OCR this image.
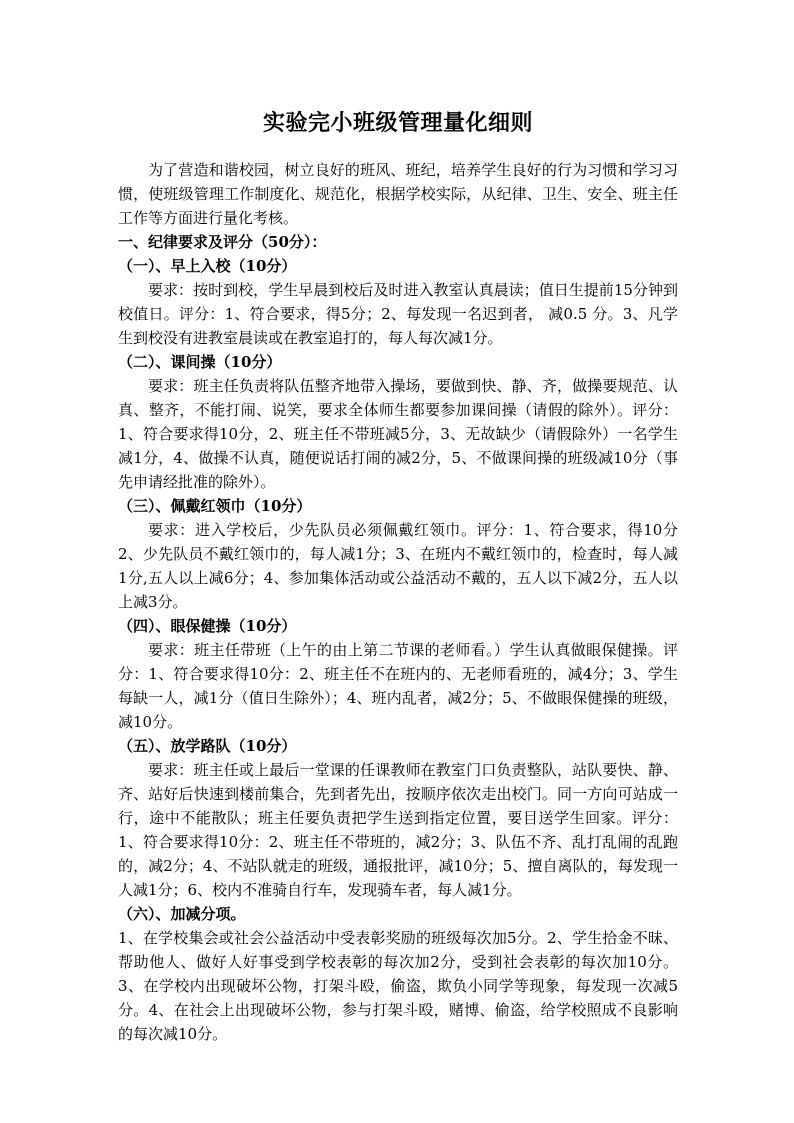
实验完小班级管理量化细则

为了营造和谐校园，树立良好的班风、班纪，培养学生良好的行为习惯和学习习惯，使班级管理工作制度化、规范化，根据学校实际，从纪律、卫生、安全、班主任工作等方面进行量化考核。

一、纪律要求及评分（50分）：

（一）、早上入校（10分）

要求：按时到校，学生早晨到校后及时进入教室认真晨读；值日生提前15分钟到校值日。评分：1、符合要求，得5分；2、每发现一名迟到者， 减0.5 分。3、凡学生到校没有进教室晨读或在教室追打的，每人每次减1分。

（二）、课间操（10分）

要求：班主任负责将队伍整齐地带入操场，要做到快、静、齐，做操要规范、认真、整齐，不能打闹、说笑，要求全体师生都要参加课间操（请假的除外）。评分：1、符合要求得10分，2、班主任不带班减5分，3、无故缺少（请假除外）一名学生减1分，4、做操不认真，随便说话打闹的减2分，5、不做课间操的班级减10分（事先申请经批准的除外）。

（三）、佩戴红领巾（10分）

要求：进入学校后，少先队员必须佩戴红领巾。评分：1、符合要求，得10分2、少先队员不戴红领巾的，每人减1分；3、在班内不戴红领巾的，检查时，每人减1分,五人以上减6分；4、参加集体活动或公益活动不戴的，五人以下减2分，五人以上减3分。

（四）、眼保健操（10分）

要求：班主任带班（上午的由上第二节课的老师看。）学生认真做眼保健操。评分：1、符合要求得10分：2、班主任不在班内的、无老师看班的，减4分；3、学生每缺一人，减1分（值日生除外）；4、班内乱者，减2分；5、不做眼保健操的班级，减10分。

（五）、放学路队（10分）

要求：班主任或上最后一堂课的任课教师在教室门口负责整队，站队要快、静、齐、站好后快速到楼前集合，先到者先出，按顺序依次走出校门。同一方向可站成一行，途中不能散队；班主任要负责把学生送到指定位置，要目送学生回家。评分：1、符合要求得10分：2、班主任不带班的，减2分；3、队伍不齐、乱打乱闹的乱跑的，减2分；4、不站队就走的班级，通报批评，减10分；5、擅自离队的，每发现一人减1分；6、校内不准骑自行车，发现骑车者，每人减1分。

（六）、加减分项。

1、在学校集会或社会公益活动中受表彰奖励的班级每次加5分。2、学生拾金不昧、帮助他人、做好人好事受到学校表彰的每次加2分，受到社会表彰的每次加10分。3、在学校内出现破坏公物，打架斗殴，偷盗，欺负小同学等现象，每发现一次减5分。4、在社会上出现破坏公物，参与打架斗殴，赌博、偷盗，给学校照成不良影响的每次减10分。
